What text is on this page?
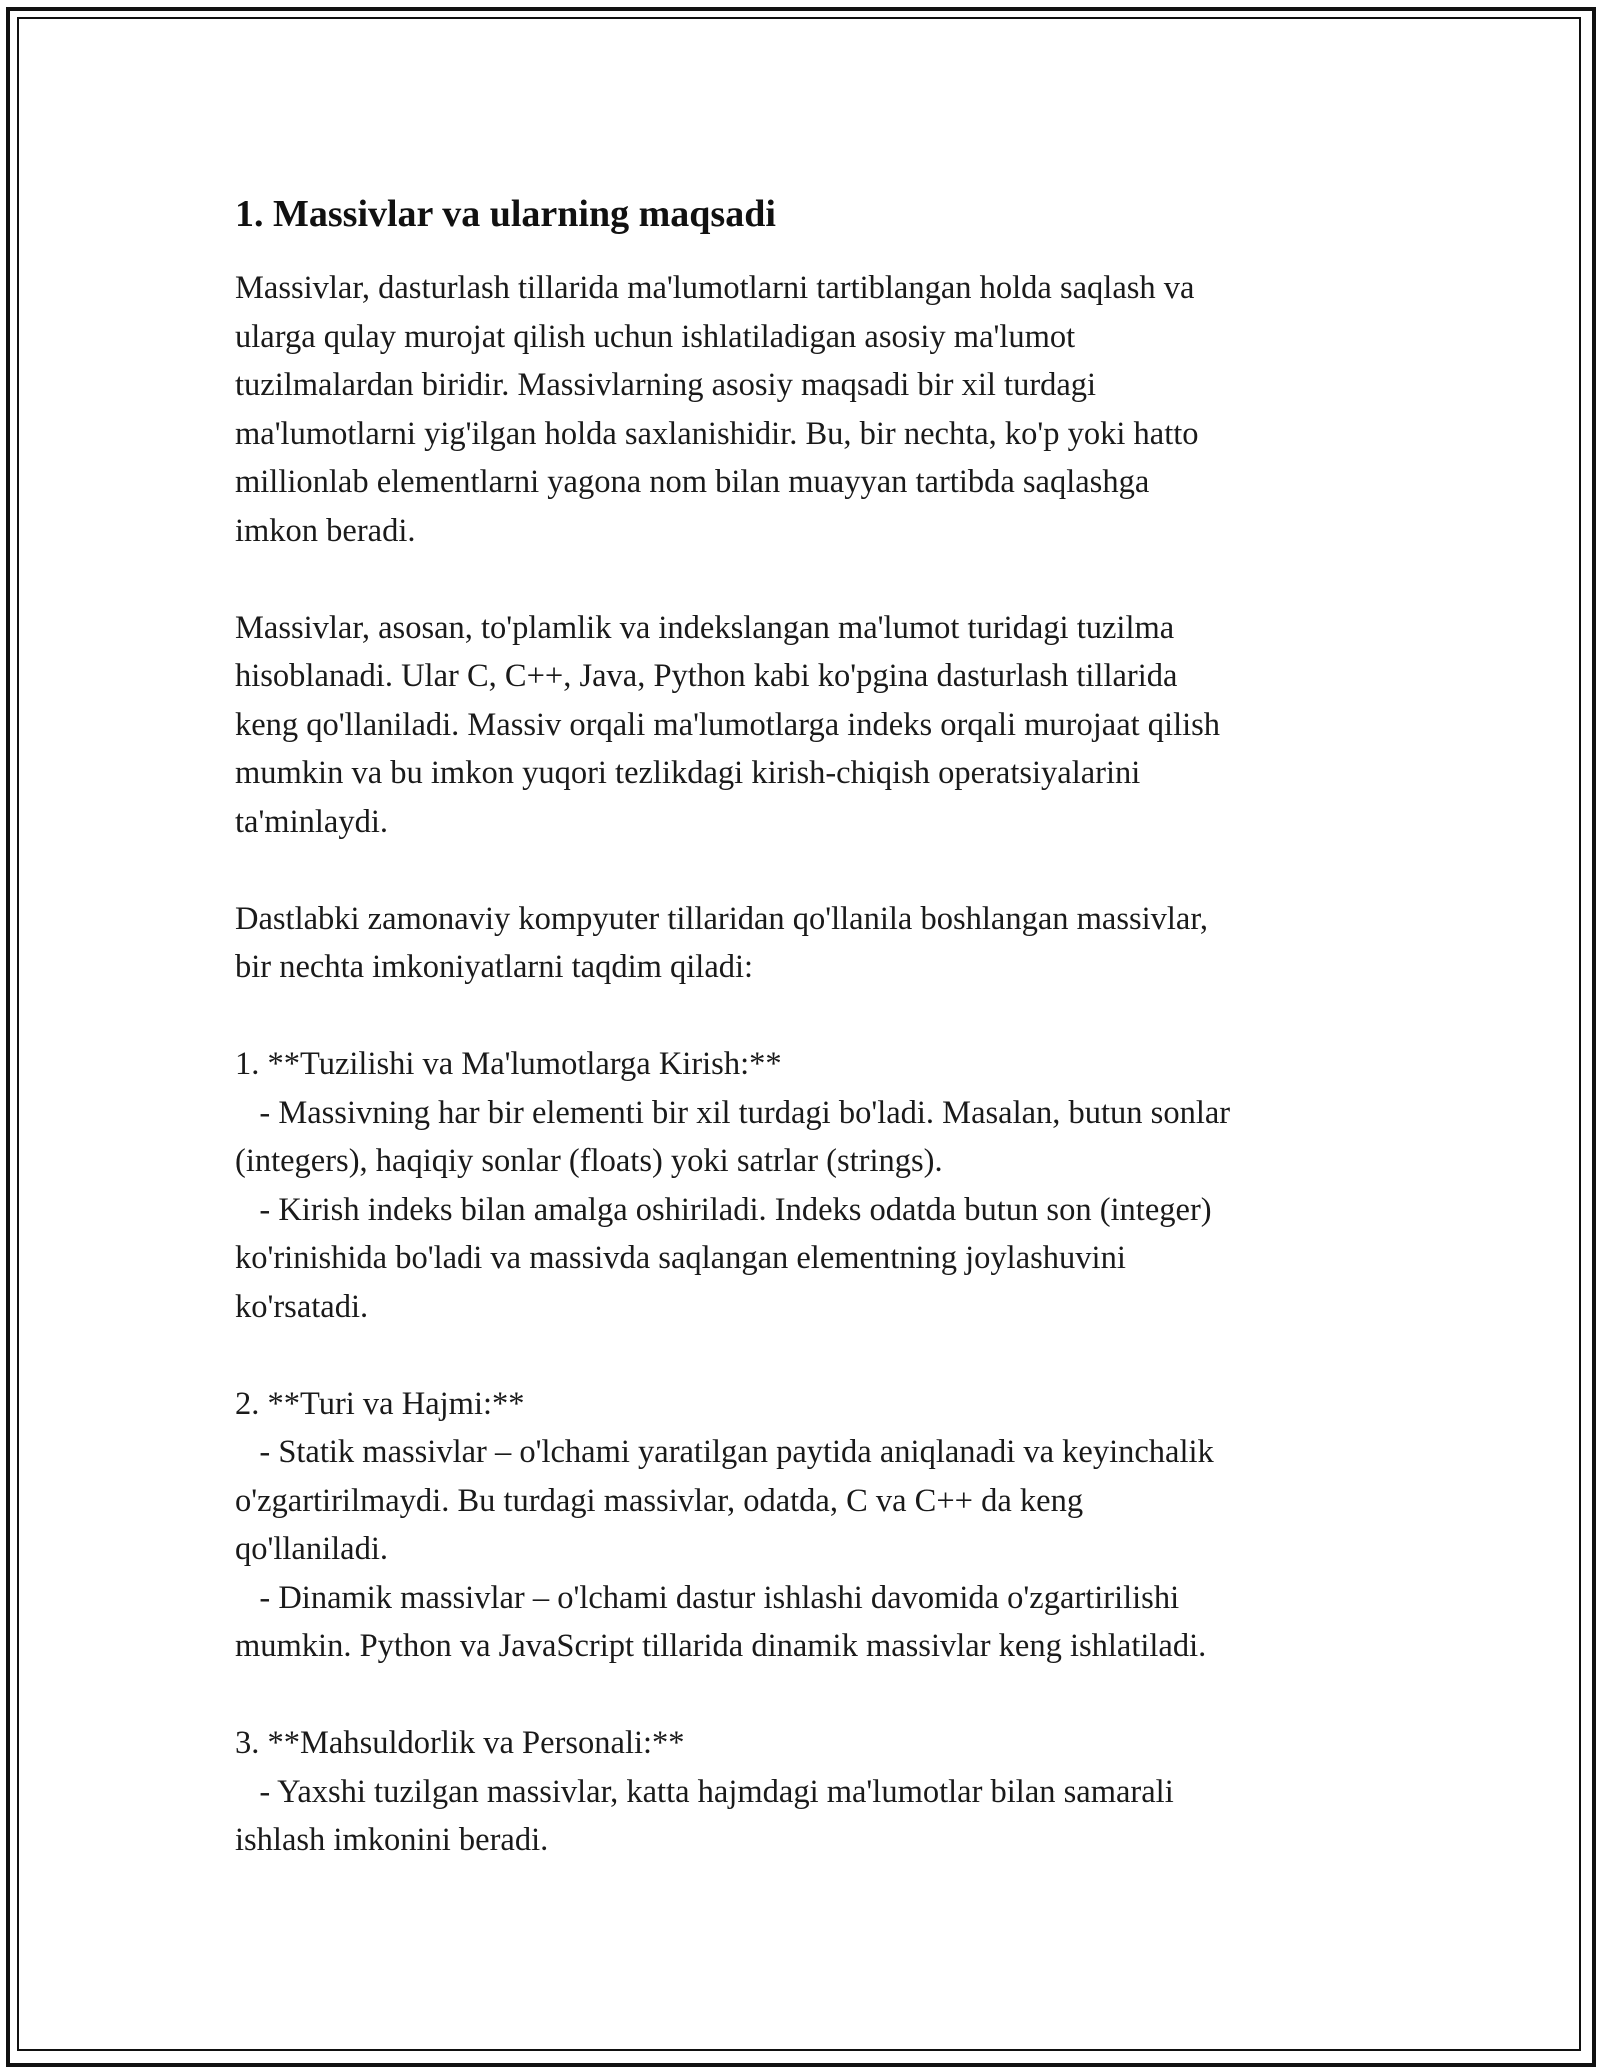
1. Massivlar va ularning maqsadi
Massivlar, dasturlash tillarida ma'lumotlarni tartiblangan holda saqlash va
ularga qulay murojat qilish uchun ishlatiladigan asosiy ma'lumot
tuzilmalardan biridir. Massivlarning asosiy maqsadi bir xil turdagi
ma'lumotlarni yig'ilgan holda saxlanishidir. Bu, bir nechta, ko'p yoki hatto
millionlab elementlarni yagona nom bilan muayyan tartibda saqlashga
imkon beradi.
Massivlar, asosan, to'plamlik va indekslangan ma'lumot turidagi tuzilma
hisoblanadi. Ular C, C++, Java, Python kabi ko'pgina dasturlash tillarida
keng qo'llaniladi. Massiv orqali ma'lumotlarga indeks orqali murojaat qilish
mumkin va bu imkon yuqori tezlikdagi kirish-chiqish operatsiyalarini
ta'minlaydi.
Dastlabki zamonaviy kompyuter tillaridan qo'llanila boshlangan massivlar,
bir nechta imkoniyatlarni taqdim qiladi:
1. **Tuzilishi va Ma'lumotlarga Kirish:**
- Massivning har bir elementi bir xil turdagi bo'ladi. Masalan, butun sonlar
(integers), haqiqiy sonlar (floats) yoki satrlar (strings).
- Kirish indeks bilan amalga oshiriladi. Indeks odatda butun son (integer)
ko'rinishida bo'ladi va massivda saqlangan elementning joylashuvini
ko'rsatadi.
2. **Turi va Hajmi:**
- Statik massivlar – o'lchami yaratilgan paytida aniqlanadi va keyinchalik
o'zgartirilmaydi. Bu turdagi massivlar, odatda, C va C++ da keng
qo'llaniladi.
- Dinamik massivlar – o'lchami dastur ishlashi davomida o'zgartirilishi
mumkin. Python va JavaScript tillarida dinamik massivlar keng ishlatiladi.
3. **Mahsuldorlik va Personali:**
- Yaxshi tuzilgan massivlar, katta hajmdagi ma'lumotlar bilan samarali
ishlash imkonini beradi.
